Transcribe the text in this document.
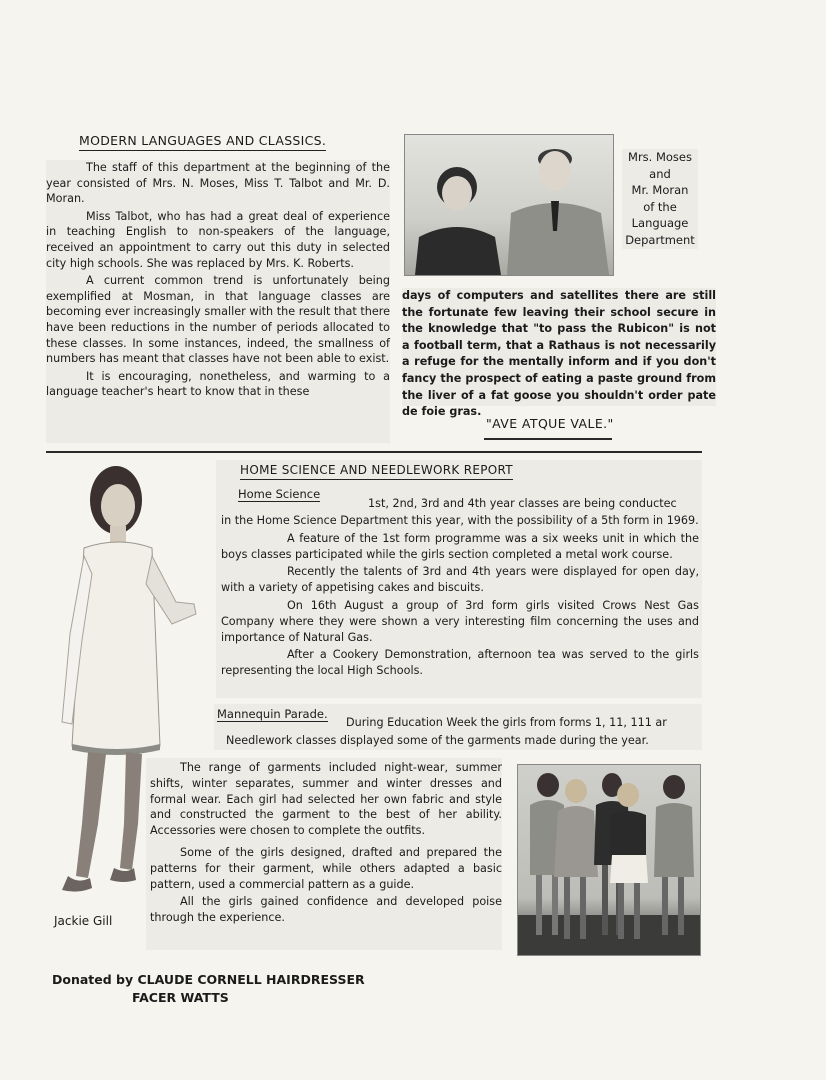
MODERN LANGUAGES AND CLASSICS.

The staff of this department at the beginning of the year consisted of Mrs. N. Moses, Miss T. Talbot and Mr. D. Moran.

Miss Talbot, who has had a great deal of experience in teaching English to non-speakers of the language, received an appointment to carry out this duty in selected city high schools. She was replaced by Mrs. K. Roberts.

A current common trend is unfortunately being exemplified at Mosman, in that language classes are becoming ever increasingly smaller with the result that there have been reductions in the number of periods allocated to these classes. In some instances, indeed, the smallness of numbers has meant that classes have not been able to exist.

It is encouraging, nonetheless, and warming to a language teacher's heart to know that in these

Mrs. Moses
and
Mr. Moran
of the
Language
Department

days of computers and satellites there are still the fortunate few leaving their school secure in the knowledge that "to pass the Rubicon" is not a football term, that a Rathaus is not necessarily a refuge for the mentally inform and if you don't fancy the prospect of eating a paste ground from the liver of a fat goose you shouldn't order pate de foie gras.

"AVE ATQUE VALE."
Jackie Gill
HOME SCIENCE AND NEEDLEWORK REPORT
Home Science
1st, 2nd, 3rd and 4th year classes are being conductec

in the Home Science Department this year, with the possibility of a 5th form in 1969.

A feature of the 1st form programme was a six weeks unit in which the boys classes participated while the girls section completed a metal work course.

Recently the talents of 3rd and 4th years were displayed for open day, with a variety of appetising cakes and biscuits.

On 16th August a group of 3rd form girls visited Crows Nest Gas Company where they were shown a very interesting film concerning the uses and importance of Natural Gas.

After a Cookery Demonstration, afternoon tea was served to the girls representing the local High Schools.

Mannequin Parade.
During Education Week the girls from forms 1, 11, 111 ar
Needlework classes displayed some of the garments made during the year.

The range of garments included night-wear, summer shifts, winter separates, summer and winter dresses and formal wear. Each girl had selected her own fabric and style and constructed the garment to the best of her ability. Accessories were chosen to complete the outfits.

Some of the girls designed, drafted and prepared the patterns for their garment, while others adapted a basic pattern, used a commercial pattern as a guide.

All the girls gained confidence and developed poise through the experience.

Donated by CLAUDE CORNELL HAIRDRESSER
FACER WATTS
